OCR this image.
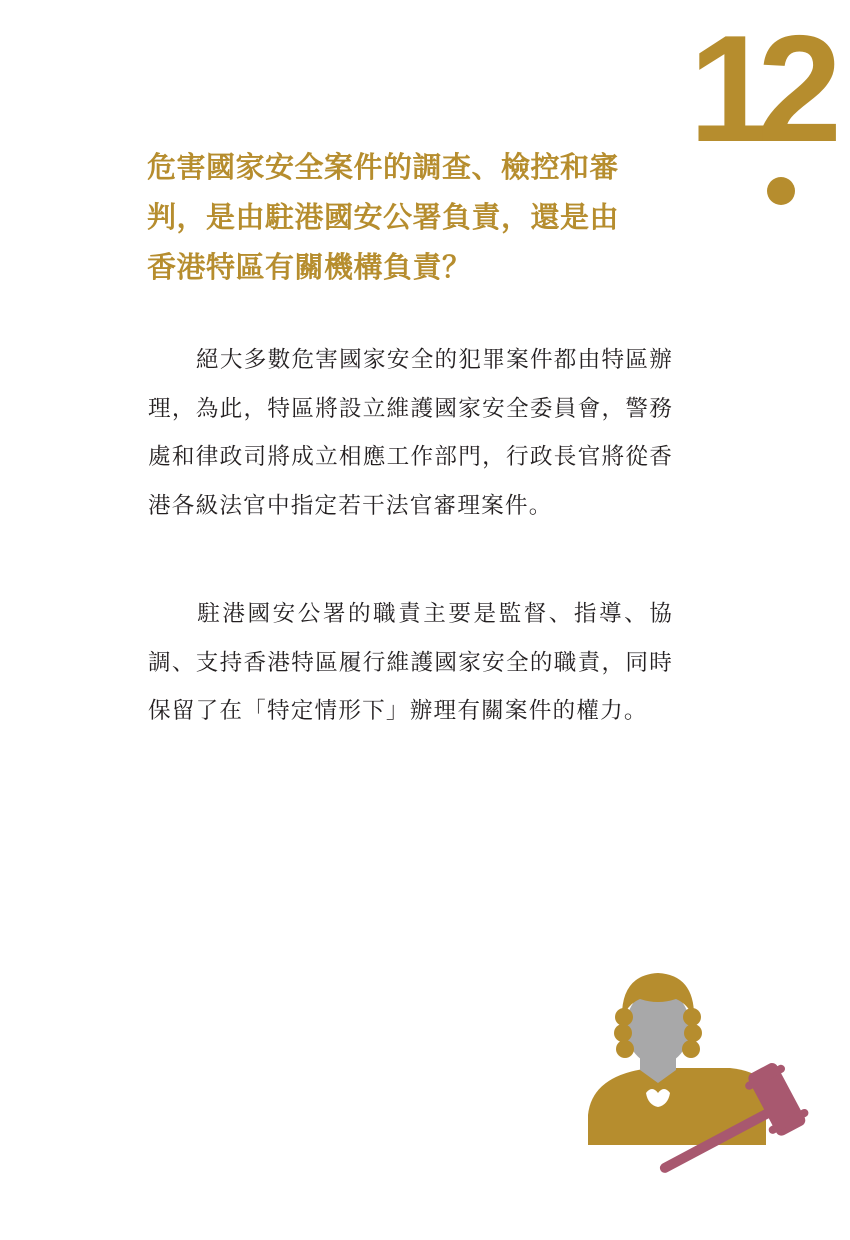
12
危害國家安全案件的調查、檢控和審
判，是由駐港國安公署負責，還是由
香港特區有關機構負責？
絕大多數危害國家安全的犯罪案件都由特區辦理，為此，特區將設立維護國家安全委員會，警務處和律政司將成立相應工作部門，行政長官將從香港各級法官中指定若干法官審理案件。
駐港國安公署的職責主要是監督、指導、協調、支持香港特區履行維護國家安全的職責，同時保留了在「特定情形下」辦理有關案件的權力。
